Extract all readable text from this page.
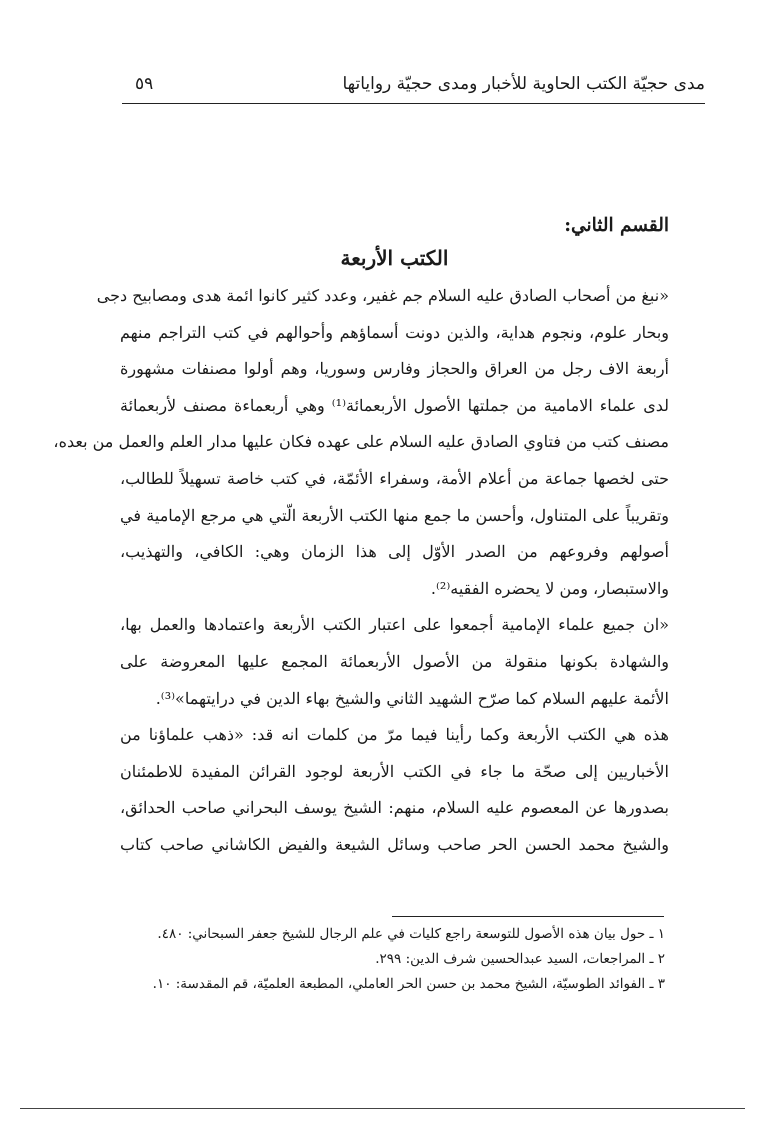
مدى حجيّة الكتب الحاوية للأخبار ومدى حجيّة رواياتها
٥٩

القسم الثاني:

الكتب الأربعة

«نبغ من أصحاب الصادق عليه السلام جم غفير، وعدد كثير كانوا ائمة هدى ومصابيح دجى
وبحار علوم، ونجوم هداية، والذين دونت أسماؤهم وأحوالهم في كتب التراجم منهم
أربعة الاف رجل من العراق والحجاز وفارس وسوريا، وهم أولوا مصنفات مشهورة
لدى علماء الامامية من جملتها الأصول الأربعمائة⁽¹⁾ وهي أربعماءة مصنف لأربعمائة
مصنف كتب من فتاوي الصادق عليه السلام على عهده فكان عليها مدار العلم والعمل من بعده،
حتى لخصها جماعة من أعلام الأمة، وسفراء الأئمّة، في كتب خاصة تسهيلاً للطالب،
وتقريباً على المتناول، وأحسن ما جمع منها الكتب الأربعة الّتي هي مرجع الإمامية في
أصولهم وفروعهم من الصدر الأوّل إلى هذا الزمان وهي: الكافي، والتهذيب،
والاستبصار، ومن لا يحضره الفقيه⁽²⁾.
«ان جميع علماء الإمامية أجمعوا على اعتبار الكتب الأربعة واعتمادها والعمل بها،
والشهادة بكونها منقولة من الأصول الأربعمائة المجمع عليها المعروضة على
الأئمة عليهم السلام كما صرّح الشهيد الثاني والشيخ بهاء الدين في درايتهما»⁽³⁾.
هذه هي الكتب الأربعة وكما رأينا فيما مرّ من كلمات انه قد: «ذهب علماؤنا من
الأخباريين إلى صحّة ما جاء في الكتب الأربعة لوجود القرائن المفيدة للاطمئنان
بصدورها عن المعصوم عليه السلام، منهم: الشيخ يوسف البحراني صاحب الحدائق،
والشيخ محمد الحسن الحر صاحب وسائل الشيعة والفيض الكاشاني صاحب كتاب
١ ـ حول بيان هذه الأصول للتوسعة راجع كليات في علم الرجال للشيخ جعفر السبحاني: ٤٨٠.
٢ ـ المراجعات، السيد عبدالحسين شرف الدين: ٢٩٩.
٣ ـ الفوائد الطوسيّة، الشيخ محمد بن حسن الحر العاملي، المطبعة العلميّة، قم المقدسة: ١٠.
